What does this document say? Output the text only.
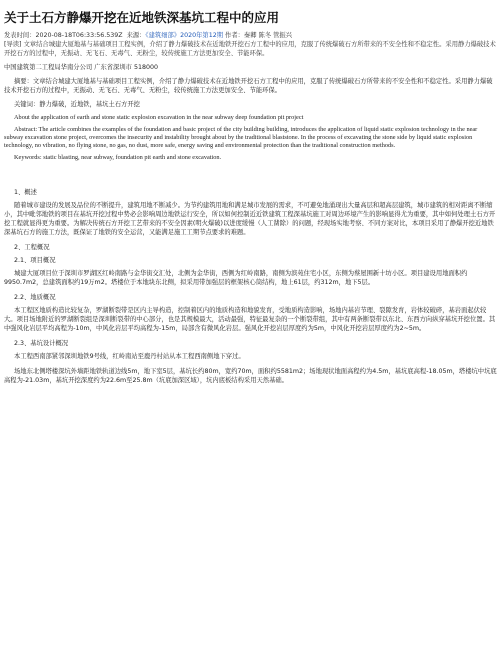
关于土石方静爆开挖在近地铁深基坑工程中的应用

发表时间：2020-08-18T06:33:56.539Z 来源：《建筑细部》2020年第12期 作者：秦卿 陈冬 管振兴

[导读] 文章结合城建大厦地基与基础项目工程实例，介绍了静力爆破技术在近地铁开挖石方工程中的应用，克服了传统爆破石方所带来的不安全性和不稳定性。采用静力爆破技术开挖石方的过程中，无振动、无飞石、无毒气、无粉尘，较传统施工方法更加安全、节能环保。

中国建筑第二工程局华南分公司 广东省深圳市 518000

摘要：文章结合城建大厦地基与基础项目工程实例，介绍了静力爆破技术在近地铁开挖石方工程中的应用，克服了传统爆破石方所带来的不安全性和不稳定性。采用静力爆破技术开挖石方的过程中，无振动、无飞石、无毒气、无粉尘，较传统施工方法更加安全、节能环保。

关键词：静力爆破，近地铁，基坑土石方开挖

About the application of earth and stone static explosion excavation in the near subway deep foundation pit project

Abstract: The article combines the examples of the foundation and basic project of the city building building, introduces the application of liquid static explosion technology in the near subway excavation stone project, overcomes the insecurity and instability brought about by the traditional blaststone. In the process of excavating the stone side by liquid static explosion technology, no vibration, no flying stone, no gas, no dust, more safe, energy saving and environmental protection than the traditional construction methods.

Keywords: static blasting, near subway, foundation pit earth and stone excavation.

1、概述

随着城市建设的发展及品位的不断提升，建筑用地不断减少。为节约建筑用地和满足城市发展的需求，不可避免地涌现出大量高层和超高层建筑，城市建筑的相对距离不断缩小，其中毗邻地铁的项目在基坑开挖过程中势必会影响周边地铁运行安全，所以如何控制近近铁建筑工程深基坑施工对周边环境产生的影响显得尤为重要，其中如何处理土石方开挖工程就显得更为重要。为解决传统石方开挖工艺带来的不安全因素(明火爆破)以进度缓慢（人工凿除）的问题，经现场实地考察、不同方案对比，本项目采用了静爆开挖近地铁深基坑石方的施工方法，既保证了地铁的安全运营，又能满足施工工期节点要求的难题。

2、工程概况

2.1、项目概况

城建大厦项目位于深圳市罗湖区红岭南路与金华街交汇处，北侧为金华街，西侧为红岭南路，南侧为滨苑住宅小区，东侧为蔡屋围新十坊小区。项目建设用地面积约9950.7m2，总建筑面积约19万m2。塔楼位于本地块东北侧，拟采用带加强层的框架核心筒结构，地上61层，约312m，地下5层。

2.2、地质概况

本工程区地质构造比较复杂，罗湖断裂带是区内主导构造，控制着区内的地质构造和地貌发育，受地质构造影响，场地内基岩节理、裂隙发育，岩体较破碎，基岩面起伏较大。项目场地附近的罗湖断裂组是深圳断裂带的中心部分，也是其规模最大，活动最强，特征最复杂的一个断裂带组，其中有两条断裂带以东北、东西方向纵穿基坑开挖位置。其中强风化岩层平均高程为-10m，中风化岩层平均高程为-15m，局部含有微风化岩层。强风化开挖岩层厚度约为5m，中风化开挖岩层厚度约为2~5m。

2.3、基坑设计概况

本工程西南部紧邻深圳地铁9号线，红岭南站至鹿丹村站从本工程西南侧地下穿过。

场地东北侧塔楼深坑外墙距地铁轨道边线5m，地下室5层，基坑长约80m，宽约70m，面积约5581m2；场地现状地面高程约为4.5m，基坑底高程-18.05m，塔楼坑中坑底高程为-21.03m，基坑开挖深度约为22.6m至25.8m（坑底加深区域），坑内底板结构采用天然基础。
